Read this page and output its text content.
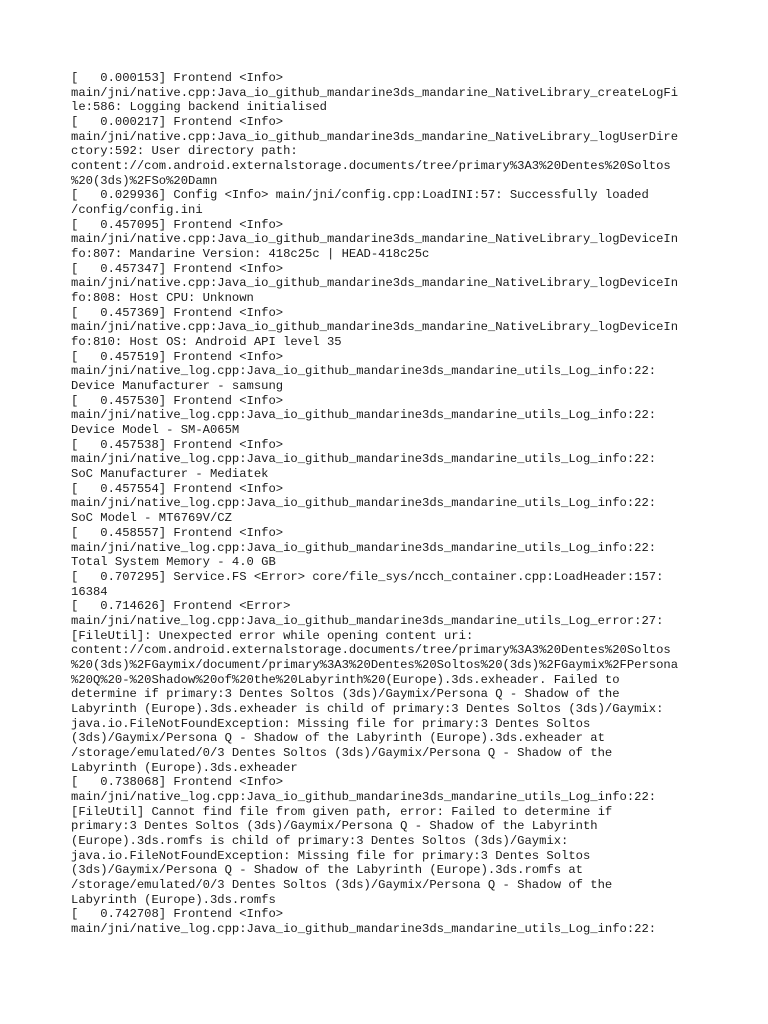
[   0.000153] Frontend <Info>
main/jni/native.cpp:Java_io_github_mandarine3ds_mandarine_NativeLibrary_createLogFi
le:586: Logging backend initialised
[   0.000217] Frontend <Info>
main/jni/native.cpp:Java_io_github_mandarine3ds_mandarine_NativeLibrary_logUserDire
ctory:592: User directory path:
content://com.android.externalstorage.documents/tree/primary%3A3%20Dentes%20Soltos
%20(3ds)%2FSo%20Damn
[   0.029936] Config <Info> main/jni/config.cpp:LoadINI:57: Successfully loaded
/config/config.ini
[   0.457095] Frontend <Info>
main/jni/native.cpp:Java_io_github_mandarine3ds_mandarine_NativeLibrary_logDeviceIn
fo:807: Mandarine Version: 418c25c | HEAD-418c25c
[   0.457347] Frontend <Info>
main/jni/native.cpp:Java_io_github_mandarine3ds_mandarine_NativeLibrary_logDeviceIn
fo:808: Host CPU: Unknown
[   0.457369] Frontend <Info>
main/jni/native.cpp:Java_io_github_mandarine3ds_mandarine_NativeLibrary_logDeviceIn
fo:810: Host OS: Android API level 35
[   0.457519] Frontend <Info>
main/jni/native_log.cpp:Java_io_github_mandarine3ds_mandarine_utils_Log_info:22:
Device Manufacturer - samsung
[   0.457530] Frontend <Info>
main/jni/native_log.cpp:Java_io_github_mandarine3ds_mandarine_utils_Log_info:22:
Device Model - SM-A065M
[   0.457538] Frontend <Info>
main/jni/native_log.cpp:Java_io_github_mandarine3ds_mandarine_utils_Log_info:22:
SoC Manufacturer - Mediatek
[   0.457554] Frontend <Info>
main/jni/native_log.cpp:Java_io_github_mandarine3ds_mandarine_utils_Log_info:22:
SoC Model - MT6769V/CZ
[   0.458557] Frontend <Info>
main/jni/native_log.cpp:Java_io_github_mandarine3ds_mandarine_utils_Log_info:22:
Total System Memory - 4.0 GB
[   0.707295] Service.FS <Error> core/file_sys/ncch_container.cpp:LoadHeader:157:
16384
[   0.714626] Frontend <Error>
main/jni/native_log.cpp:Java_io_github_mandarine3ds_mandarine_utils_Log_error:27:
[FileUtil]: Unexpected error while opening content uri:
content://com.android.externalstorage.documents/tree/primary%3A3%20Dentes%20Soltos
%20(3ds)%2FGaymix/document/primary%3A3%20Dentes%20Soltos%20(3ds)%2FGaymix%2FPersona
%20Q%20-%20Shadow%20of%20the%20Labyrinth%20(Europe).3ds.exheader. Failed to
determine if primary:3 Dentes Soltos (3ds)/Gaymix/Persona Q - Shadow of the
Labyrinth (Europe).3ds.exheader is child of primary:3 Dentes Soltos (3ds)/Gaymix:
java.io.FileNotFoundException: Missing file for primary:3 Dentes Soltos
(3ds)/Gaymix/Persona Q - Shadow of the Labyrinth (Europe).3ds.exheader at
/storage/emulated/0/3 Dentes Soltos (3ds)/Gaymix/Persona Q - Shadow of the
Labyrinth (Europe).3ds.exheader
[   0.738068] Frontend <Info>
main/jni/native_log.cpp:Java_io_github_mandarine3ds_mandarine_utils_Log_info:22:
[FileUtil] Cannot find file from given path, error: Failed to determine if
primary:3 Dentes Soltos (3ds)/Gaymix/Persona Q - Shadow of the Labyrinth
(Europe).3ds.romfs is child of primary:3 Dentes Soltos (3ds)/Gaymix:
java.io.FileNotFoundException: Missing file for primary:3 Dentes Soltos
(3ds)/Gaymix/Persona Q - Shadow of the Labyrinth (Europe).3ds.romfs at
/storage/emulated/0/3 Dentes Soltos (3ds)/Gaymix/Persona Q - Shadow of the
Labyrinth (Europe).3ds.romfs
[   0.742708] Frontend <Info>
main/jni/native_log.cpp:Java_io_github_mandarine3ds_mandarine_utils_Log_info:22:
